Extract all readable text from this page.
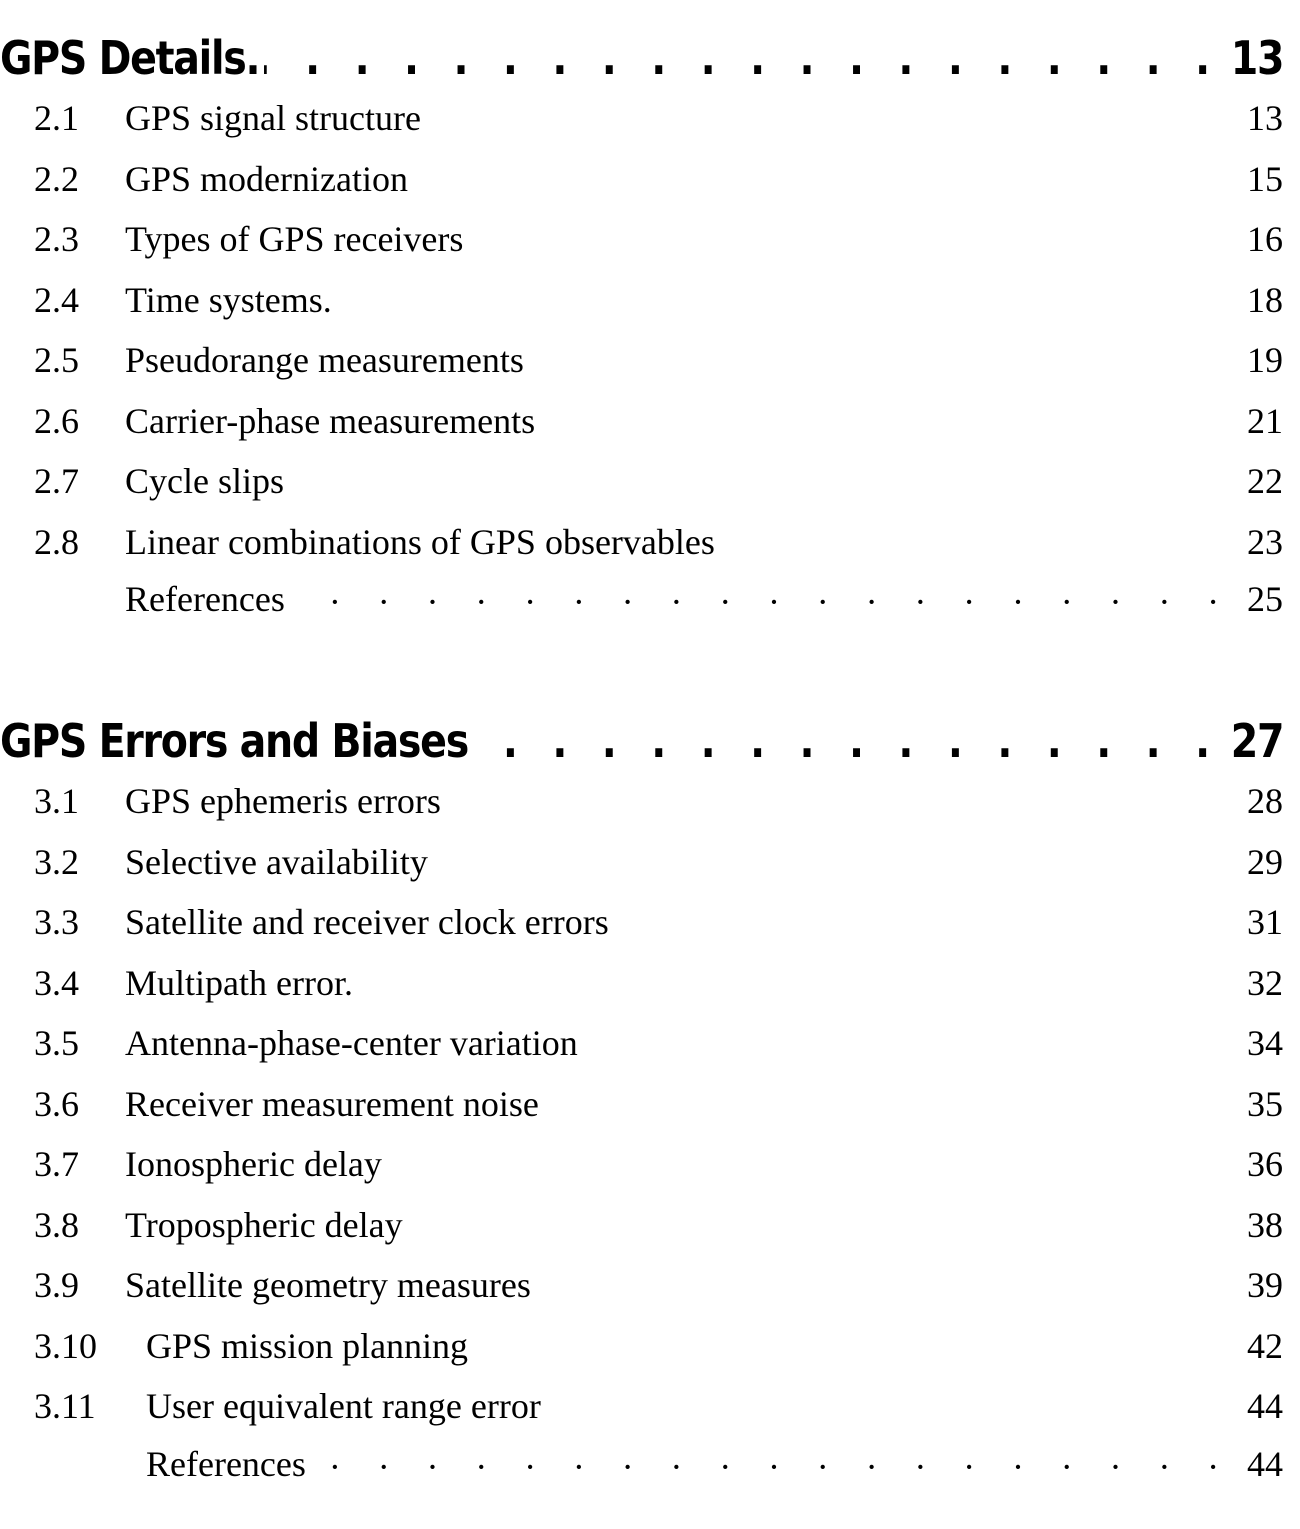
GPS Details. . . .	13
2.1	GPS signal structure . . .	13
2.2	GPS modernization . . .	15
2.3	Types of GPS receivers . . .	16
2.4	Time systems. . . .	18
2.5	Pseudorange measurements . . .	19
2.6	Carrier-phase measurements . . .	21
2.7	Cycle slips . . .	22
2.8	Linear combinations of GPS observables . . .	23
References · · ·	25
GPS Errors and Biases . . .	27
3.1	GPS ephemeris errors . . .	28
3.2	Selective availability . . .	29
3.3	Satellite and receiver clock errors . . .	31
3.4	Multipath error. . . .	32
3.5	Antenna-phase-center variation . . .	34
3.6	Receiver measurement noise . . .	35
3.7	Ionospheric delay . . .	36
3.8	Tropospheric delay . . .	38
3.9	Satellite geometry measures . . .	39
3.10	GPS mission planning . . .	42
3.11	User equivalent range error . . .	44
References · · ·	44
